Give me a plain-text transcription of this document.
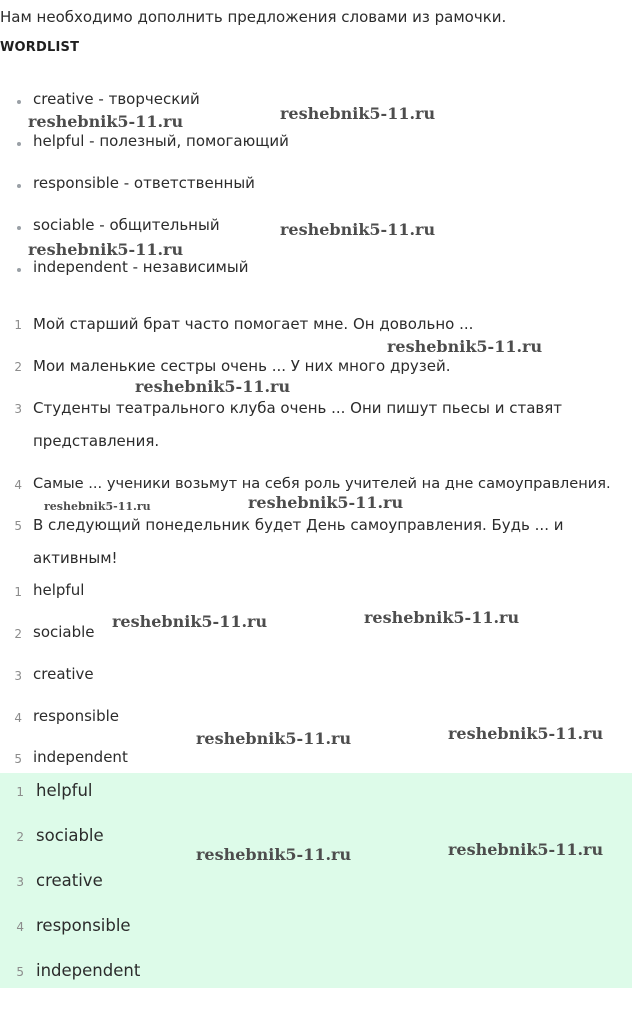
Нам необходимо дополнить предложения словами из рамочки.
WORDLIST
creative - творческий
helpful - полезный, помогающий
responsible - ответственный
sociable - общительный
independent - независимый
1 Мой старший брат часто помогает мне. Он довольно ...
2 Мои маленькие сестры очень ... У них много друзей.
3 Студенты театрального клуба очень ... Они пишут пьесы и ставят
представления.
4 Самые ... ученики возьмут на себя роль учителей на дне самоуправления.
5 В следующий понедельник будет День самоуправления. Будь ... и
активным!
1 helpful
2 sociable
3 creative
4 responsible
5 independent
1 helpful
2 sociable
3 creative
4 responsible
5 independent
reshebnik5-11.ru	reshebnik5-11.ru
reshebnik5-11.ru
reshebnik5-11.ru
reshebnik5-11.ru
reshebnik5-11.ru
reshebnik5-11.ru	reshebnik5-11.ru
reshebnik5-11.ru	reshebnik5-11.ru
reshebnik5-11.ru	reshebnik5-11.ru
reshebnik5-11.ru	reshebnik5-11.ru
